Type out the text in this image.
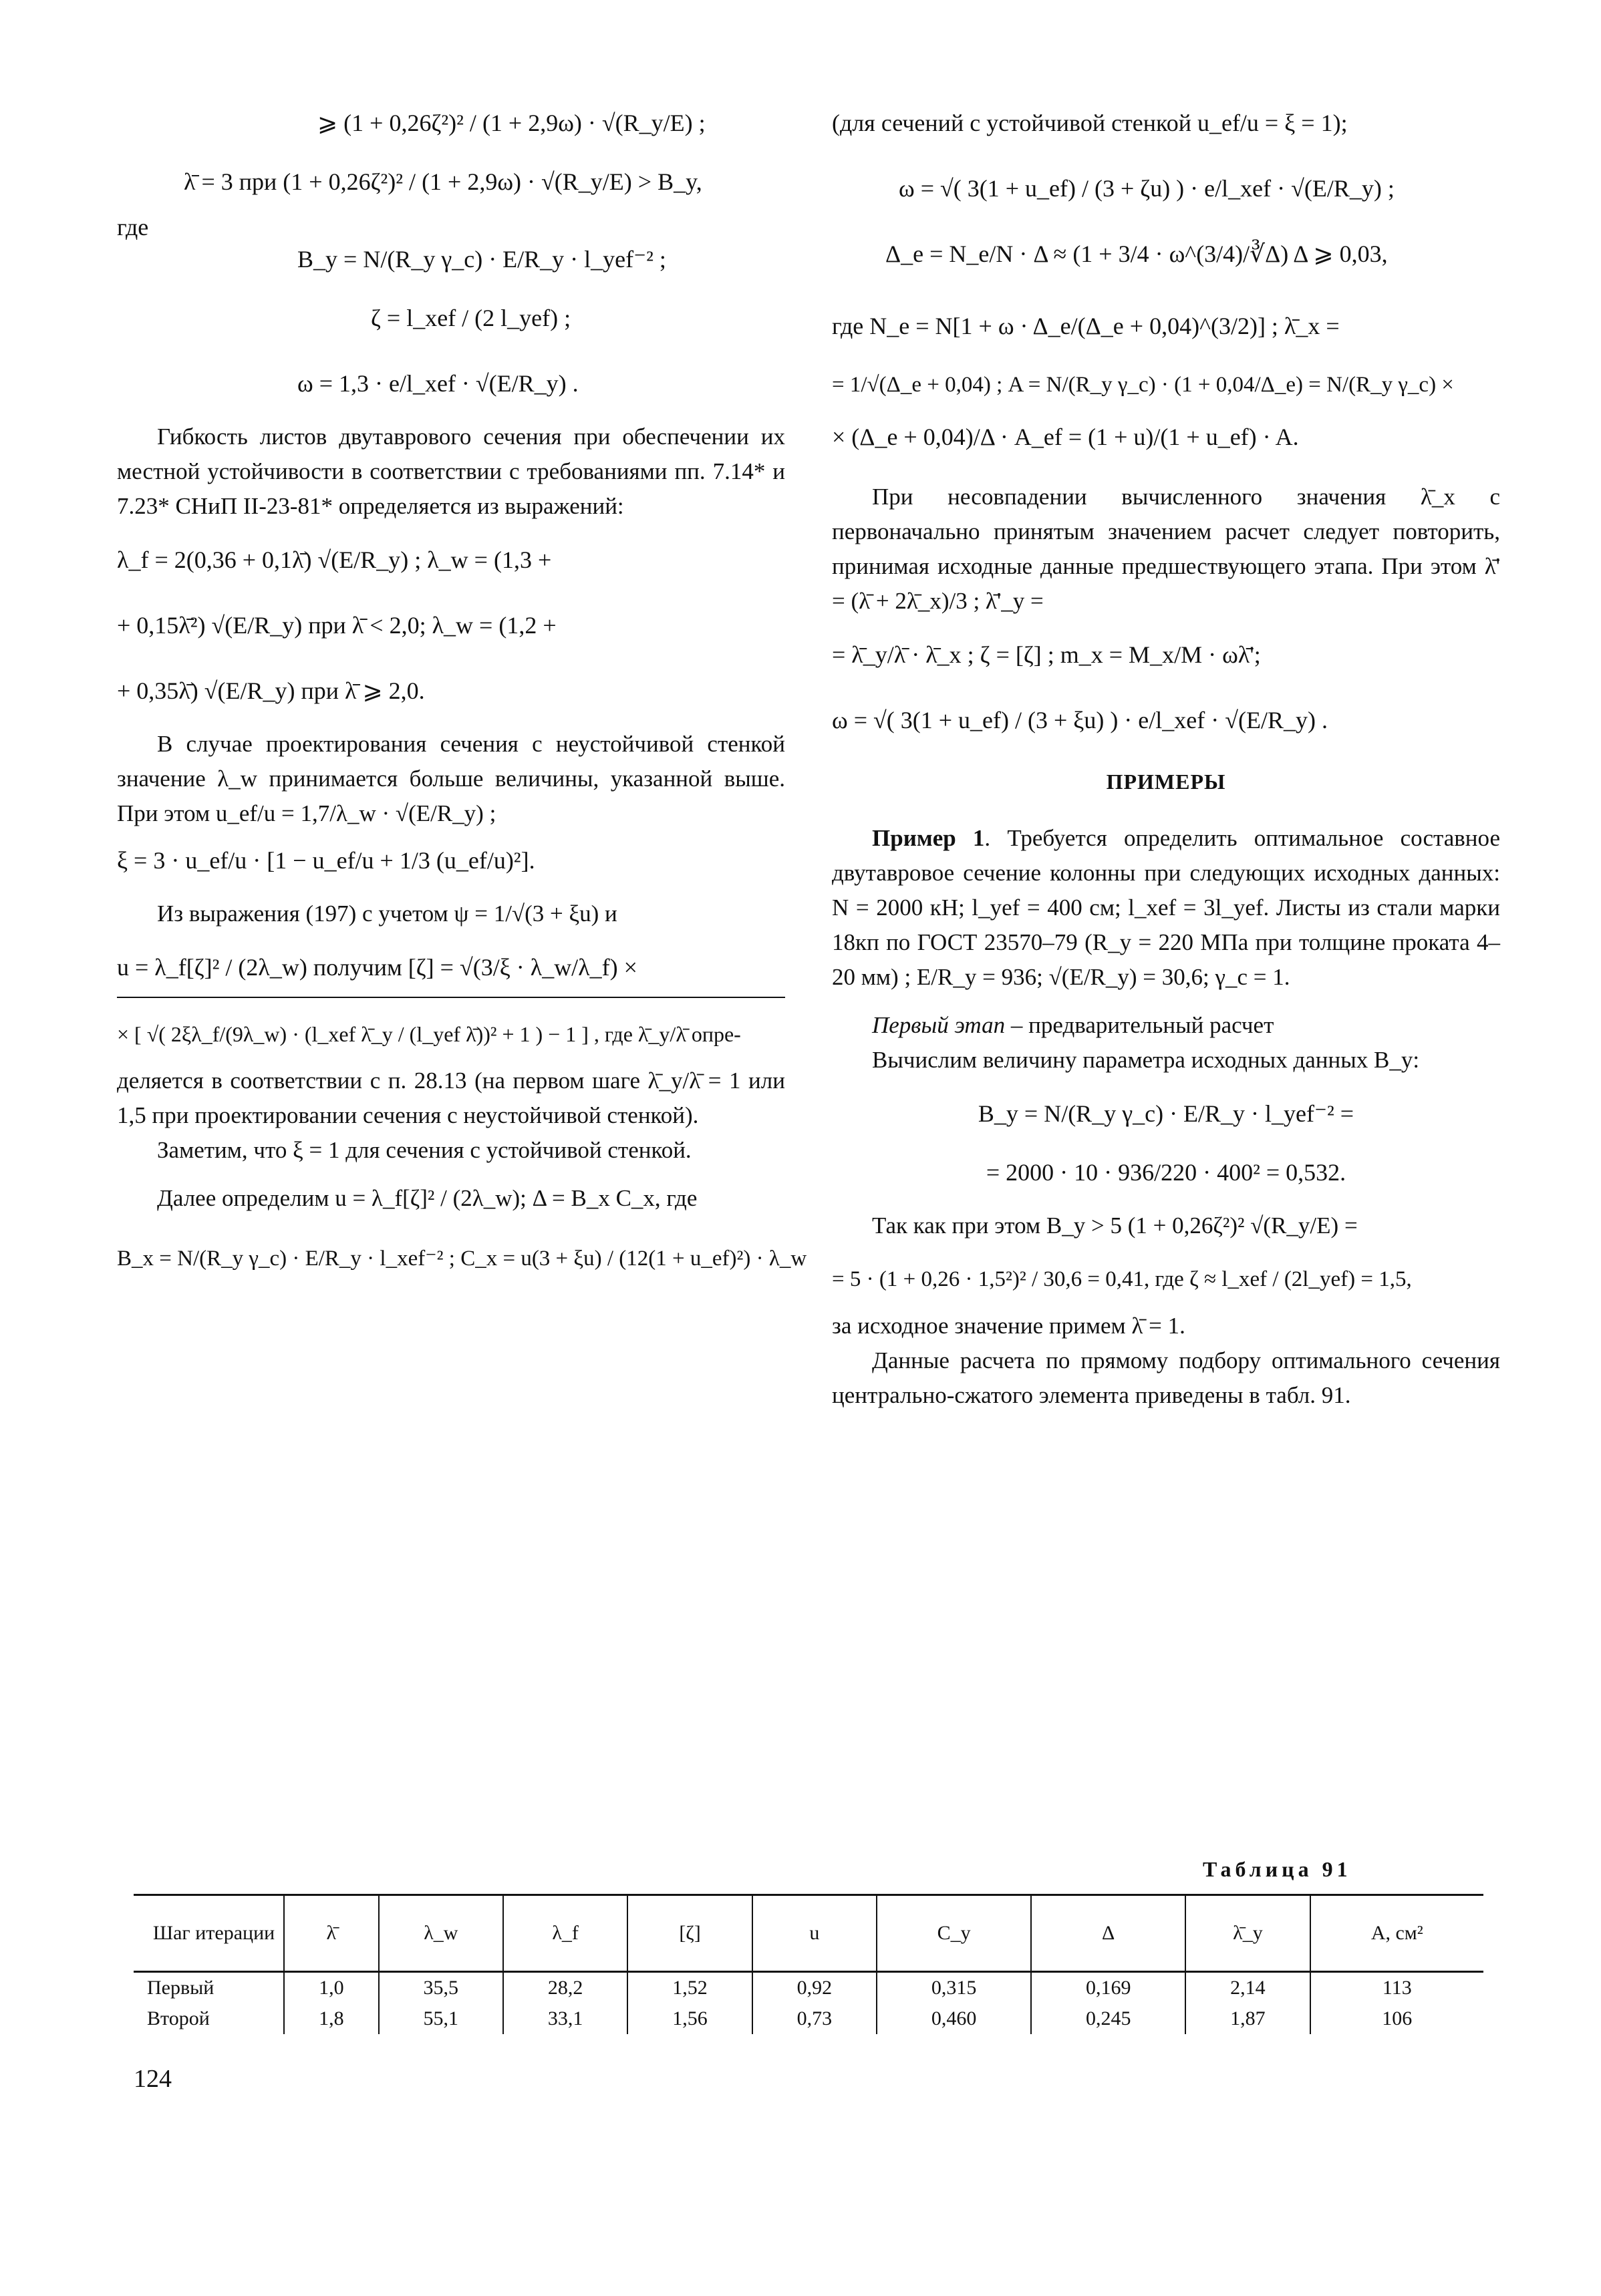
⩾ (1 + 0,26ζ²)² / (1 + 2,9ω) · √(R_y/E) ;

λ̄ = 3 при (1 + 0,26ζ²)² / (1 + 2,9ω) · √(R_y/E) > B_y,

где

B_y = N/(R_y γ_c) · E/R_y · l_yef⁻² ;

ζ = l_xef / (2 l_yef) ;

ω = 1,3 · e/l_xef · √(E/R_y) .

Гибкость листов двутаврового сечения при обеспечении их местной устойчивости в соответствии с требованиями пп. 7.14* и 7.23* СНиП II-23-81* определяется из выражений:

λ_f = 2(0,36 + 0,1λ̄) √(E/R_y) ; λ_w = (1,3 +

+ 0,15λ̄²) √(E/R_y) при λ̄ < 2,0; λ_w = (1,2 +

+ 0,35λ̄) √(E/R_y) при λ̄ ⩾ 2,0.

В случае проектирования сечения с неустойчивой стенкой значение λ_w принимается больше величины, указанной выше. При этом u_ef/u = 1,7/λ_w · √(E/R_y) ;

ξ = 3 · u_ef/u · [1 − u_ef/u + 1/3 (u_ef/u)²].

Из выражения (197) с учетом ψ = 1/√(3 + ξu) и

u = λ_f[ζ]² / (2λ_w) получим [ζ] = √(3/ξ · λ_w/λ_f) ×

× [ √( 2ξλ_f/(9λ_w) · (l_xef λ̄_y / (l_yef λ̄))² + 1 ) − 1 ] , где λ̄_y/λ̄ опре-

деляется в соответствии с п. 28.13 (на первом шаге λ̄_y/λ̄ = 1 или 1,5 при проектировании сечения с неустойчивой стенкой).

Заметим, что ξ = 1 для сечения с устойчивой стенкой.

Далее определим u = λ_f[ζ]² / (2λ_w); Δ = B_x C_x, где

B_x = N/(R_y γ_c) · E/R_y · l_xef⁻² ; C_x = u(3 + ξu) / (12(1 + u_ef)²) · λ_w

(для сечений с устойчивой стенкой u_ef/u = ξ = 1);

ω = √( 3(1 + u_ef) / (3 + ζu) ) · e/l_xef · √(E/R_y) ;

Δ_e = N_e/N · Δ ≈ (1 + 3/4 · ω^(3/4)/∛Δ) Δ ⩾ 0,03,

где N_e = N[1 + ω · Δ_e/(Δ_e + 0,04)^(3/2)] ; λ̄_x =

= 1/√(Δ_e + 0,04) ; A = N/(R_y γ_c) · (1 + 0,04/Δ_e) = N/(R_y γ_c) ×

× (Δ_e + 0,04)/Δ · A_ef = (1 + u)/(1 + u_ef) · A.

При несовпадении вычисленного значения λ̄_x с первоначально принятым значением расчет следует повторить, принимая исходные данные предшествующего этапа. При этом λ̄' = (λ̄ + 2λ̄_x)/3 ; λ̄'_y =

= λ̄_y/λ̄ · λ̄_x ; ζ = [ζ] ; m_x = M_x/M · ωλ̄';

ω = √( 3(1 + u_ef) / (3 + ξu) ) · e/l_xef · √(E/R_y) .

ПРИМЕРЫ

Пример 1. Требуется определить оптимальное составное двутавровое сечение колонны при следующих исходных данных: N = 2000 кН; l_yef = 400 см; l_xef = 3l_yef. Листы из стали марки 18кп по ГОСТ 23570–79 (R_y = 220 МПа при толщине проката 4–20 мм) ; E/R_y = 936; √(E/R_y) = 30,6; γ_c = 1.

Первый этап – предварительный расчет

Вычислим величину параметра исходных данных B_y:

B_y = N/(R_y γ_c) · E/R_y · l_yef⁻² =

= 2000 · 10 · 936/220 · 400² = 0,532.

Так как при этом B_y > 5 (1 + 0,26ζ²)² √(R_y/E) =

= 5 · (1 + 0,26 · 1,5²)² / 30,6 = 0,41, где ζ ≈ l_xef / (2l_yef) = 1,5,

за исходное значение примем λ̄ = 1.

Данные расчета по прямому подбору оптимального сечения центрально-сжатого элемента приведены в табл. 91.

Таблица 91
Шаг итерации	λ̄	λ_w	λ_f	[ζ]	u	C_y	Δ	λ̄_y	A, см²
Первый	1,0	35,5	28,2	1,52	0,92	0,315	0,169	2,14	113
Второй	1,8	55,1	33,1	1,56	0,73	0,460	0,245	1,87	106
124
